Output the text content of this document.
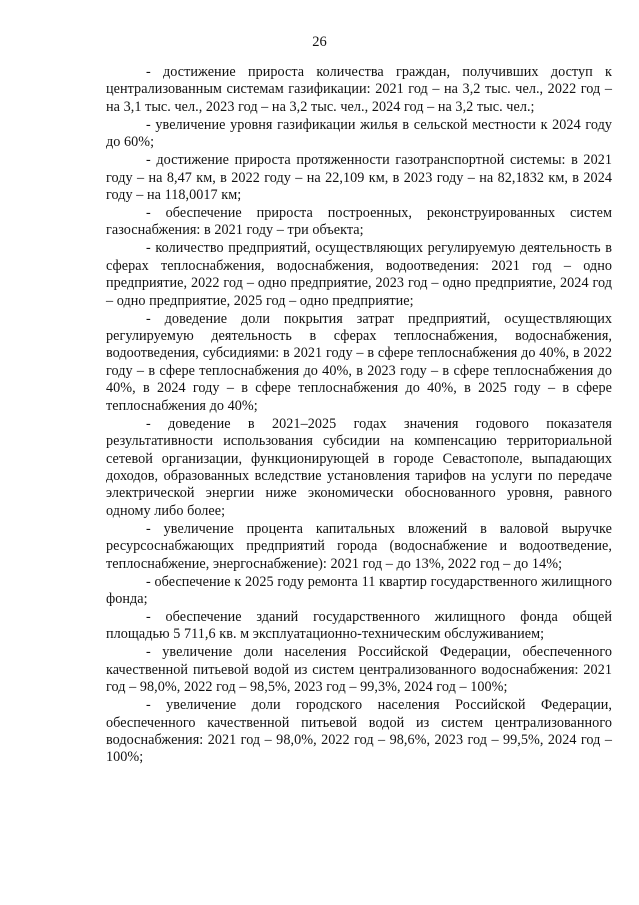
26

- достижение прироста количества граждан, получивших доступ к централизованным системам газификации: 2021 год – на 3,2 тыс. чел., 2022 год – на 3,1 тыс. чел., 2023 год – на 3,2 тыс. чел., 2024 год – на 3,2 тыс. чел.;

- увеличение уровня газификации жилья в сельской местности к 2024 году до 60%;

- достижение прироста протяженности газотранспортной системы: в 2021 году – на 8,47 км, в 2022 году – на 22,109 км, в 2023 году – на 82,1832 км, в 2024 году – на 118,0017 км;

- обеспечение прироста построенных, реконструированных систем газоснабжения: в 2021 году – три объекта;

- количество предприятий, осуществляющих регулируемую деятельность в сферах теплоснабжения, водоснабжения, водоотведения: 2021 год – одно предприятие, 2022 год – одно предприятие, 2023 год – одно предприятие, 2024 год – одно предприятие, 2025 год – одно предприятие;

- доведение доли покрытия затрат предприятий, осуществляющих регулируемую деятельность в сферах теплоснабжения, водоснабжения, водоотведения, субсидиями: в 2021 году – в сфере теплоснабжения до 40%, в 2022 году – в сфере теплоснабжения до 40%, в 2023 году – в сфере теплоснабжения до 40%, в 2024 году – в сфере теплоснабжения до 40%, в 2025 году – в сфере теплоснабжения до 40%;

- доведение в 2021–2025 годах значения годового показателя результативности использования субсидии на компенсацию территориальной сетевой организации, функционирующей в городе Севастополе, выпадающих доходов, образованных вследствие установления тарифов на услуги по передаче электрической энергии ниже экономически обоснованного уровня, равного одному либо более;

- увеличение процента капитальных вложений в валовой выручке ресурсоснабжающих предприятий города (водоснабжение и водоотведение, теплоснабжение, энергоснабжение): 2021 год – до 13%, 2022 год – до 14%;

- обеспечение к 2025 году ремонта 11 квартир государственного жилищного фонда;

- обеспечение зданий государственного жилищного фонда общей площадью 5 711,6 кв. м эксплуатационно-техническим обслуживанием;

- увеличение доли населения Российской Федерации, обеспеченного качественной питьевой водой из систем централизованного водоснабжения: 2021 год – 98,0%, 2022 год – 98,5%, 2023 год – 99,3%, 2024 год – 100%;

- увеличение доли городского населения Российской Федерации, обеспеченного качественной питьевой водой из систем централизованного водоснабжения: 2021 год – 98,0%, 2022 год – 98,6%, 2023 год – 99,5%, 2024 год – 100%;
